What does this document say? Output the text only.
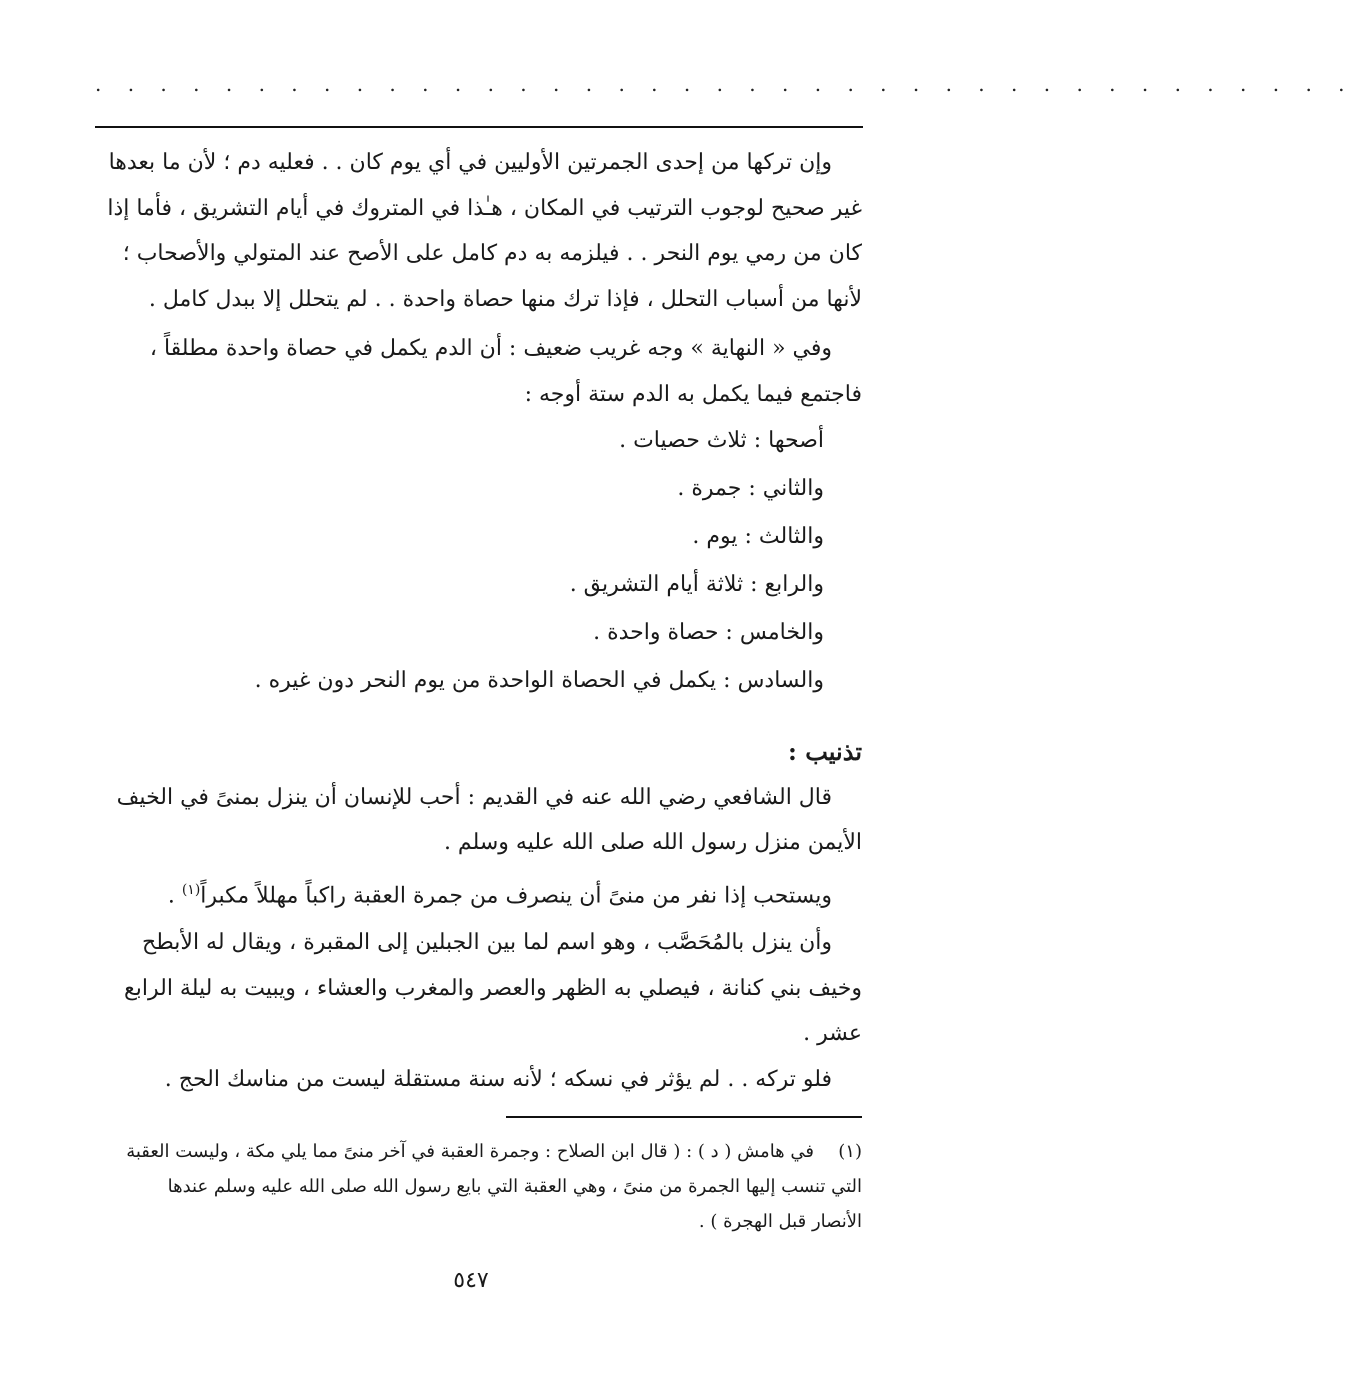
. . . . . . . . . . . . . . . . . . . . . . . . . . . . . . . . . . . . . . .

وإن تركها من إحدى الجمرتين الأوليين في أي يوم كان . . فعليه دم ؛ لأن ما بعدها
غير صحيح لوجوب الترتيب في المكان ، هـٰذا في المتروك في أيام التشريق ، فأما إذا
كان من رمي يوم النحر . . فيلزمه به دم كامل على الأصح عند المتولي والأصحاب ؛
لأنها من أسباب التحلل ، فإذا ترك منها حصاة واحدة . . لم يتحلل إلا ببدل كامل .

وفي « النهاية » وجه غريب ضعيف : أن الدم يكمل في حصاة واحدة مطلقاً ،
فاجتمع فيما يكمل به الدم ستة أوجه :

أصحها : ثلاث حصيات .
والثاني : جمرة .
والثالث : يوم .
والرابع : ثلاثة أيام التشريق .
والخامس : حصاة واحدة .
والسادس : يكمل في الحصاة الواحدة من يوم النحر دون غيره .
تذنيب :

قال الشافعي رضي الله عنه في القديم : أحب للإنسان أن ينزل بمنىً في الخيف
الأيمن منزل رسول الله صلى الله عليه وسلم .

ويستحب إذا نفر من منىً أن ينصرف من جمرة العقبة راكباً مهللاً مكبراً$^{(١)}$ .

وأن ينزل بالمُحَصَّب ، وهو اسم لما بين الجبلين إلى المقبرة ، ويقال له الأبطح
وخيف بني كنانة ، فيصلي به الظهر والعصر والمغرب والعشاء ، ويبيت به ليلة الرابع
عشر .

فلو تركه . . لم يؤثر في نسكه ؛ لأنه سنة مستقلة ليست من مناسك الحج .

(١)في هامش ( د ) : ( قال ابن الصلاح : وجمرة العقبة في آخر منىً مما يلي مكة ، وليست العقبة
التي تنسب إليها الجمرة من منىً ، وهي العقبة التي بايع رسول الله صلى الله عليه وسلم عندها
الأنصار قبل الهجرة ) .
٥٤٧
